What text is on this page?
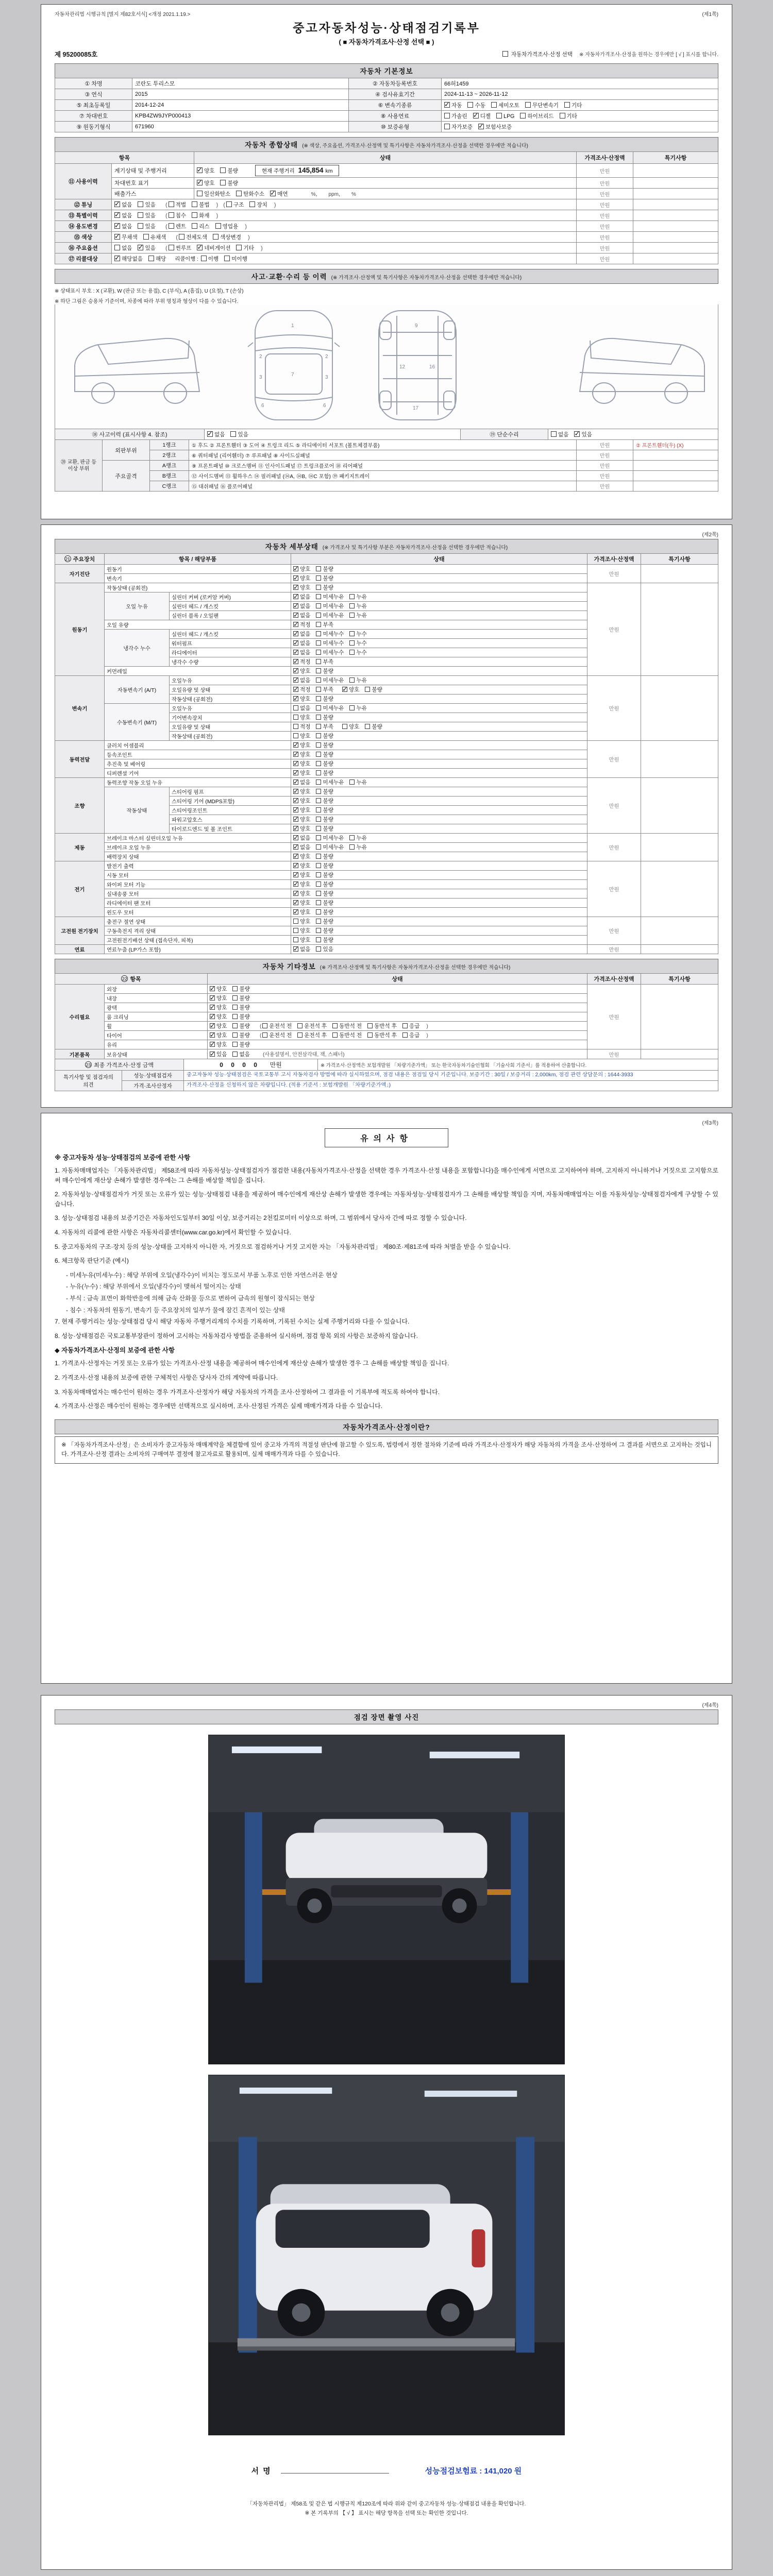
자동차관리법 시행규칙 [별지 제82호서식] <개정 2021.1.19.>	(제1쪽)
중고자동차성능·상태점검기록부
( ■ 자동차가격조사·산정 선택 ■ )
제 95200085호	자동차가격조사·산정 선택 ※ 자동차가격조사·산정을 원하는 경우에만 [ √ ] 표시를 합니다.
자동차 기본정보
① 차명	코란도 투리스모	② 자동차등록번호	66허1459
③ 연식	2015	④ 검사유효기간	2024-11-13 ~ 2026-11-12
⑤ 최초등록일	2014-12-24	⑥ 변속기종류	✓자동 수동 세미오토 무단변속기 기타
⑦ 차대번호	KPB4ZW9JYP000413	⑧ 사용연료	가솔린 ✓ 디젤 LPG 하이브리드 기타
⑨ 원동기형식	671960	⑩ 보증유형	자가보증 ✓ 보험사보증
자동차 종합상태 (※ 색상, 주요옵션, 가격조사·산정액 및 특기사항은 자동차가격조사·산정을 선택한 경우에만 적습니다)
항목		상태	가격조사·산정액	특기사항
⑪ 사용이력	계기상태 및 주행거리	✓양호 불량 현재 주행거리 145,854 km	만원	
	차대번호 표기	✓양호 불량	만원	
	배출가스	일산화탄소 탄화수소 ✓ 매연 　　%，　　ppm，　　%	만원	
⑫ 튜닝	✓없음 있음 ( 적법 불법 ) ( 구조 장치 )		만원	
⑬ 특별이력	✓없음 있음 ( 침수 화재 )		만원	
⑭ 용도변경	✓없음 있음 ( 렌트 리스 영업용 )		만원	
⑮ 색상	✓무채색 유채색 ( 전체도색 색상변경 )		만원	
⑯ 주요옵션	없음 ✓ 있음 ( 썬루프 ✓ 네비게이션 기타 )		만원	
⑰ 리콜대상	✓해당없음 해당 리콜이행 : 이행 미이행		만원	
사고·교환·수리 등 이력 (※ 가격조사·산정액 및 특기사항은 자동차가격조사·산정을 선택한 경우에만 적습니다)
※ 상태표시 부호 : X (교환), W (판금 또는 용접), C (부식), A (흠집), U (요철), T (손상)
※ 하단 그림은 승용차 기준이며, 차종에 따라 부위 명칭과 형상이 다를 수 있습니다.
1
2	2
3	3
7
6	6
9
12	16
17
⑱ 사고이력 (표시사항 4. 참조)	✓없음 있음	⑲ 단순수리	없음 ✓ 있음
⑳ 교환, 판금 등 이상 부위	외판부위	1랭크	① 후드 ② 프론트휀더 ③ 도어 ④ 트렁크 리드 ⑤ 라디에이터 서포트 (볼트체결부품)	만원	② 프론트휀더(우) (X)
		2랭크	⑥ 쿼터패널 (리어휀더) ⑦ 루프패널 ⑧ 사이드실패널	만원	
	주요골격	A랭크	⑨ 프론트패널 ⑩ 크로스멤버 ⑪ 인사이드패널 ⑰ 트렁크플로어 ⑱ 리어패널	만원	
		B랭크	⑫ 사이드멤버 ⑬ 휠하우스 ⑭ 필러패널 (⑭A, ⑭B, ⑭C 포함) ⑲ 패키지트레이	만원	
		C랭크	⑮ 대쉬패널 ⑯ 플로어패널	만원	
(제2쪽)
자동차 세부상태 (※ 가격조사 및 특기사항 부분은 자동차가격조사·산정을 선택한 경우에만 적습니다)
21 주요장치	항목 / 해당부품		상태	가격조사·산정액	특기사항
자기진단	원동기	✓양호 불량	만원	
	변속기	✓양호 불량
원동기	작동상태 (공회전)	✓양호 불량	만원	
	오일 누유	실린더 커버 (로커암 커버)	✓없음 미세누유 누유
		실린더 헤드 / 개스킷	✓없음 미세누유 누유
		실린더 블록 / 오일팬	✓없음 미세누유 누유
	오일 유량	✓적정 부족
	냉각수 누수	실린더 헤드 / 개스킷	✓없음 미세누수 누수
		워터펌프	✓없음 미세누수 누수
		라디에이터	✓없음 미세누수 누수
		냉각수 수량	✓적정 부족
	커먼레일	✓양호 불량
변속기	자동변속기 (A/T)	오일누유	✓없음 미세누유 누유	만원	
		오일유량 및 상태	✓적정 부족 ✓ 양호 불량
		작동상태 (공회전)	✓양호 불량
	수동변속기 (M/T)	오일누유	없음 미세누유 누유		
		기어변속장치	양호 불량		
		오일유량 및 상태	적정 부족 양호 불량		
		작동상태 (공회전)	양호 불량		
동력전달	클러치 어셈블리	✓양호 불량	만원	
	등속조인트	✓양호 불량
	추진축 및 베어링	✓양호 불량
	디퍼렌셜 기어	✓양호 불량
조향	동력조향 작동 오일 누유	✓없음 미세누유 누유	만원	
	작동상태	스티어링 펌프	✓양호 불량
		스티어링 기어 (MDPS포함)	✓양호 불량
		스티어링조인트	✓양호 불량
		파워고압호스	✓양호 불량
		타이로드엔드 및 볼 조인트	✓양호 불량
제동	브레이크 마스터 실린더오일 누유	✓없음 미세누유 누유	만원	
	브레이크 오일 누유	✓없음 미세누유 누유
	배력장치 상태	✓양호 불량
전기	발전기 출력	✓양호 불량	만원	
	시동 모터	✓양호 불량
	와이퍼 모터 기능	✓양호 불량
	실내송풍 모터	✓양호 불량
	라디에이터 팬 모터	✓양호 불량
	윈도우 모터	✓양호 불량
고전원 전기장치	충전구 절연 상태		양호 불량	만원	
	구동축전지 격리 상태		양호 불량		
	고전원전기배선 상태 (접속단자, 피복)		양호 불량		
연료	연료누출 (LP가스 포함)	✓없음 있음	만원	
자동차 기타정보 (※ 가격조사·산정액 및 특기사항은 자동차가격조사·산정을 선택한 경우에만 적습니다)
22 항목		상태	가격조사·산정액	특기사항
수리필요	외장	✓양호 불량	만원	
	내장	✓양호 불량
	광택	✓양호 불량
	룸 크리닝	✓양호 불량
	휠	✓양호 불량 ( 운전석 전 운전석 후 동반석 전 동반석 후 응급 )
	타이어	✓양호 불량 ( 운전석 전 운전석 후 동반석 전 동반석 후 응급 )
	유리	✓양호 불량
기본품목	보유상태	✓있음 없음 (사용설명서, 안전삼각대, 잭, 스패너)	만원	
23 최종 가격조사·산정 금액	0 0 0 0 만원	※ 가격조사·산정액은 보험개발원 「차량기준가액」 또는 한국자동차기술인협회 「기술사회 기준서」를 적용하여 산출합니다.
특기사항 및 점검자의 의견	성능·상태점검자	중고자동차 성능·상태점검은 국토교통부 고시 자동차검사 방법에 따라 실시하였으며, 점검 내용은 점검일 당시 기준입니다. 보증기간 : 30일 / 보증거리 : 2,000km, 점검 관련 상담문의 : 1644-3933
	가격·조사산정자	가격조사·산정을 신청하지 않은 차량입니다. (적용 기준서 : 보험개발원 「차량기준가액」)
(제3쪽)
유의사항
※ 중고자동차 성능·상태점검의 보증에 관한 사항
1. 자동차매매업자는 「자동차관리법」 제58조에 따라 자동차성능·상태점검자가 점검한 내용(자동차가격조사·산정을 선택한 경우 가격조사·산정 내용을 포함합니다)을 매수인에게 서면으로 고지하여야 하며, 고지하지 아니하거나 거짓으로 고지함으로써 매수인에게 재산상 손해가 발생한 경우에는 그 손해를 배상할 책임을 집니다.
2. 자동차성능·상태점검자가 거짓 또는 오류가 있는 성능·상태점검 내용을 제공하여 매수인에게 재산상 손해가 발생한 경우에는 자동차성능·상태점검자가 그 손해를 배상할 책임을 지며, 자동차매매업자는 이를 자동차성능·상태점검자에게 구상할 수 있습니다.
3. 성능·상태점검 내용의 보증기간은 자동차인도일부터 30일 이상, 보증거리는 2천킬로미터 이상으로 하며, 그 범위에서 당사자 간에 따로 정할 수 있습니다.
4. 자동차의 리콜에 관한 사항은 자동차리콜센터(www.car.go.kr)에서 확인할 수 있습니다.
5. 중고자동차의 구조·장치 등의 성능·상태를 고지하지 아니한 자, 거짓으로 점검하거나 거짓 고지한 자는 「자동차관리법」 제80조·제81조에 따라 처벌을 받을 수 있습니다.
6. 체크항목 판단기준 (예시)
- 미세누유(미세누수) : 해당 부위에 오일(냉각수)이 비치는 정도로서 부품 노후로 인한 자연스러운 현상
- 누유(누수) : 해당 부위에서 오일(냉각수)이 맺혀서 떨어지는 상태
- 부식 : 금속 표면이 화학반응에 의해 금속 산화물 등으로 변하여 금속의 원형이 잠식되는 현상
- 침수 : 자동차의 원동기, 변속기 등 주요장치의 일부가 물에 잠긴 흔적이 있는 상태
7. 현재 주행거리는 성능·상태점검 당시 해당 자동차 주행거리계의 수치를 기록하며, 기록된 수치는 실제 주행거리와 다를 수 있습니다.
8. 성능·상태점검은 국토교통부장관이 정하여 고시하는 자동차검사 방법을 준용하여 실시하며, 점검 항목 외의 사항은 보증하지 않습니다.
◆ 자동차가격조사·산정의 보증에 관한 사항
1. 가격조사·산정자는 거짓 또는 오류가 있는 가격조사·산정 내용을 제공하여 매수인에게 재산상 손해가 발생한 경우 그 손해를 배상할 책임을 집니다.
2. 가격조사·산정 내용의 보증에 관한 구체적인 사항은 당사자 간의 계약에 따릅니다.
3. 자동차매매업자는 매수인이 원하는 경우 가격조사·산정자가 해당 자동차의 가격을 조사·산정하여 그 결과를 이 기록부에 적도록 하여야 합니다.
4. 가격조사·산정은 매수인이 원하는 경우에만 선택적으로 실시하며, 조사·산정된 가격은 실제 매매가격과 다를 수 있습니다.
자동차가격조사·산정이란?
※ 「자동차가격조사·산정」은 소비자가 중고자동차 매매계약을 체결함에 있어 중고차 가격의 적절성 판단에 참고할 수 있도록, 법령에서 정한 절차와 기준에 따라 가격조사·산정자가 해당 자동차의 가격을 조사·산정하여 그 결과를 서면으로 고지하는 것입니다. 가격조사·산정 결과는 소비자의 구매여부 결정에 참고자료로 활용되며, 실제 매매가격과 다를 수 있습니다.
(제4쪽)
점검 장면 촬영 사진
서명	성능점검보험료 : 141,020 원
「자동차관리법」 제58조 및 같은 법 시행규칙 제120조에 따라 위와 같이 중고자동차 성능·상태점검 내용을 확인합니다.
※ 본 기록부의 【 √ 】 표시는 해당 항목을 선택 또는 확인한 것입니다.
